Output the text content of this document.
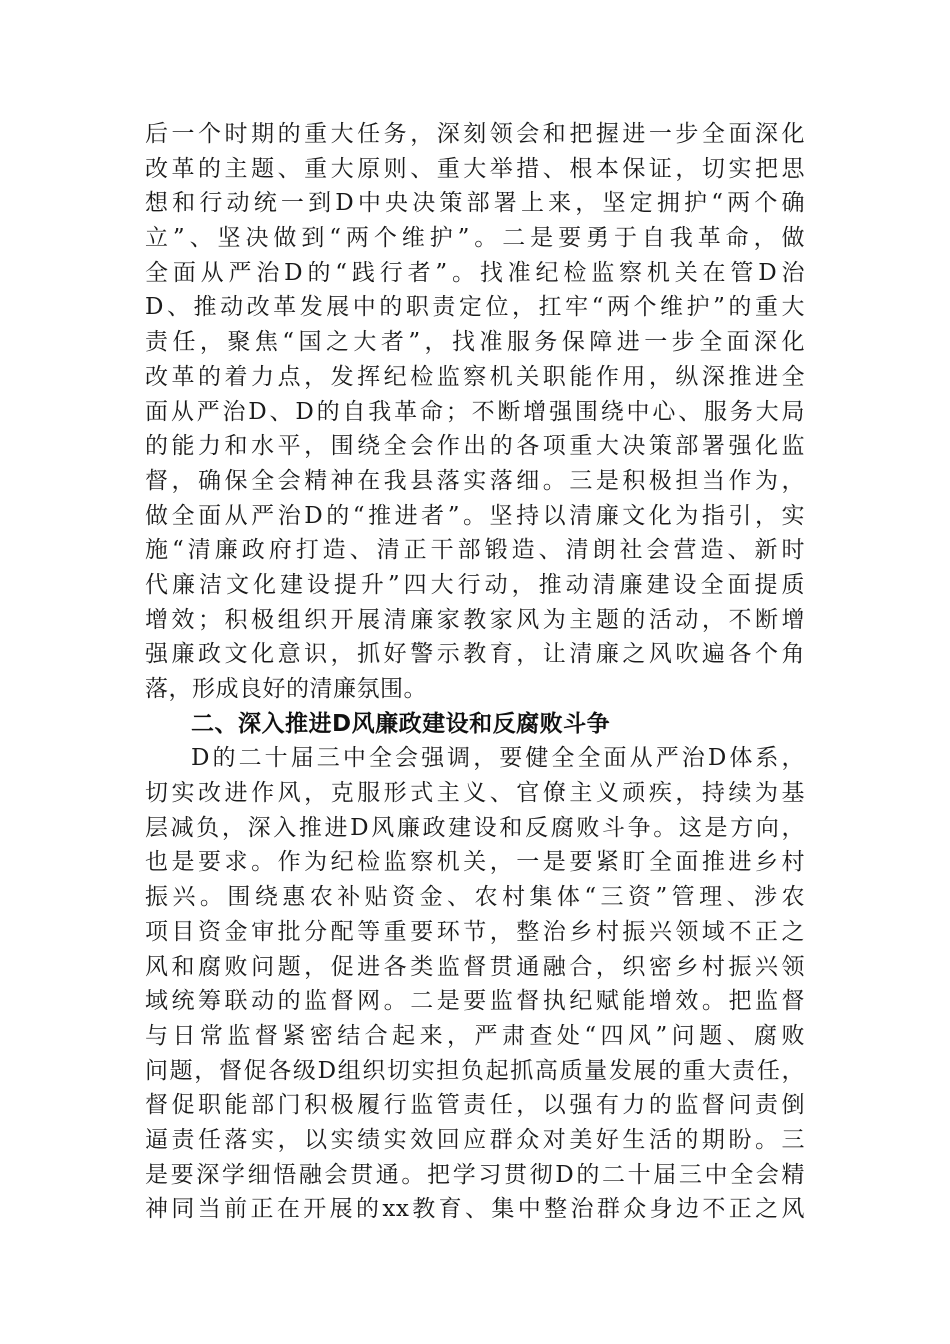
后一个时期的重大任务，深刻领会和把握进一步全面深化
改革的主题、重大原则、重大举措、根本保证，切实把思
想和行动统一到D中央决策部署上来，坚定拥护“两个确
立”、坚决做到“两个维护”。二是要勇于自我革命，做
全面从严治D的“践行者”。找准纪检监察机关在管D治
D、推动改革发展中的职责定位，扛牢“两个维护”的重大
责任，聚焦“国之大者”，找准服务保障进一步全面深化
改革的着力点，发挥纪检监察机关职能作用，纵深推进全
面从严治D、D的自我革命；不断增强围绕中心、服务大局
的能力和水平，围绕全会作出的各项重大决策部署强化监
督，确保全会精神在我县落实落细。三是积极担当作为，
做全面从严治D的“推进者”。坚持以清廉文化为指引，实
施“清廉政府打造、清正干部锻造、清朗社会营造、新时
代廉洁文化建设提升”四大行动，推动清廉建设全面提质
增效；积极组织开展清廉家教家风为主题的活动，不断增
强廉政文化意识，抓好警示教育，让清廉之风吹遍各个角
落，形成良好的清廉氛围。
二、深入推进D风廉政建设和反腐败斗争
D的二十届三中全会强调，要健全全面从严治D体系，
切实改进作风，克服形式主义、官僚主义顽疾，持续为基
层减负，深入推进D风廉政建设和反腐败斗争。这是方向，
也是要求。作为纪检监察机关，一是要紧盯全面推进乡村
振兴。围绕惠农补贴资金、农村集体“三资”管理、涉农
项目资金审批分配等重要环节，整治乡村振兴领域不正之
风和腐败问题，促进各类监督贯通融合，织密乡村振兴领
域统筹联动的监督网。二是要监督执纪赋能增效。把监督
与日常监督紧密结合起来，严肃查处“四风”问题、腐败
问题，督促各级D组织切实担负起抓高质量发展的重大责任，
督促职能部门积极履行监管责任，以强有力的监督问责倒
逼责任落实，以实绩实效回应群众对美好生活的期盼。三
是要深学细悟融会贯通。把学习贯彻D的二十届三中全会精
神同当前正在开展的xx教育、集中整治群众身边不正之风
